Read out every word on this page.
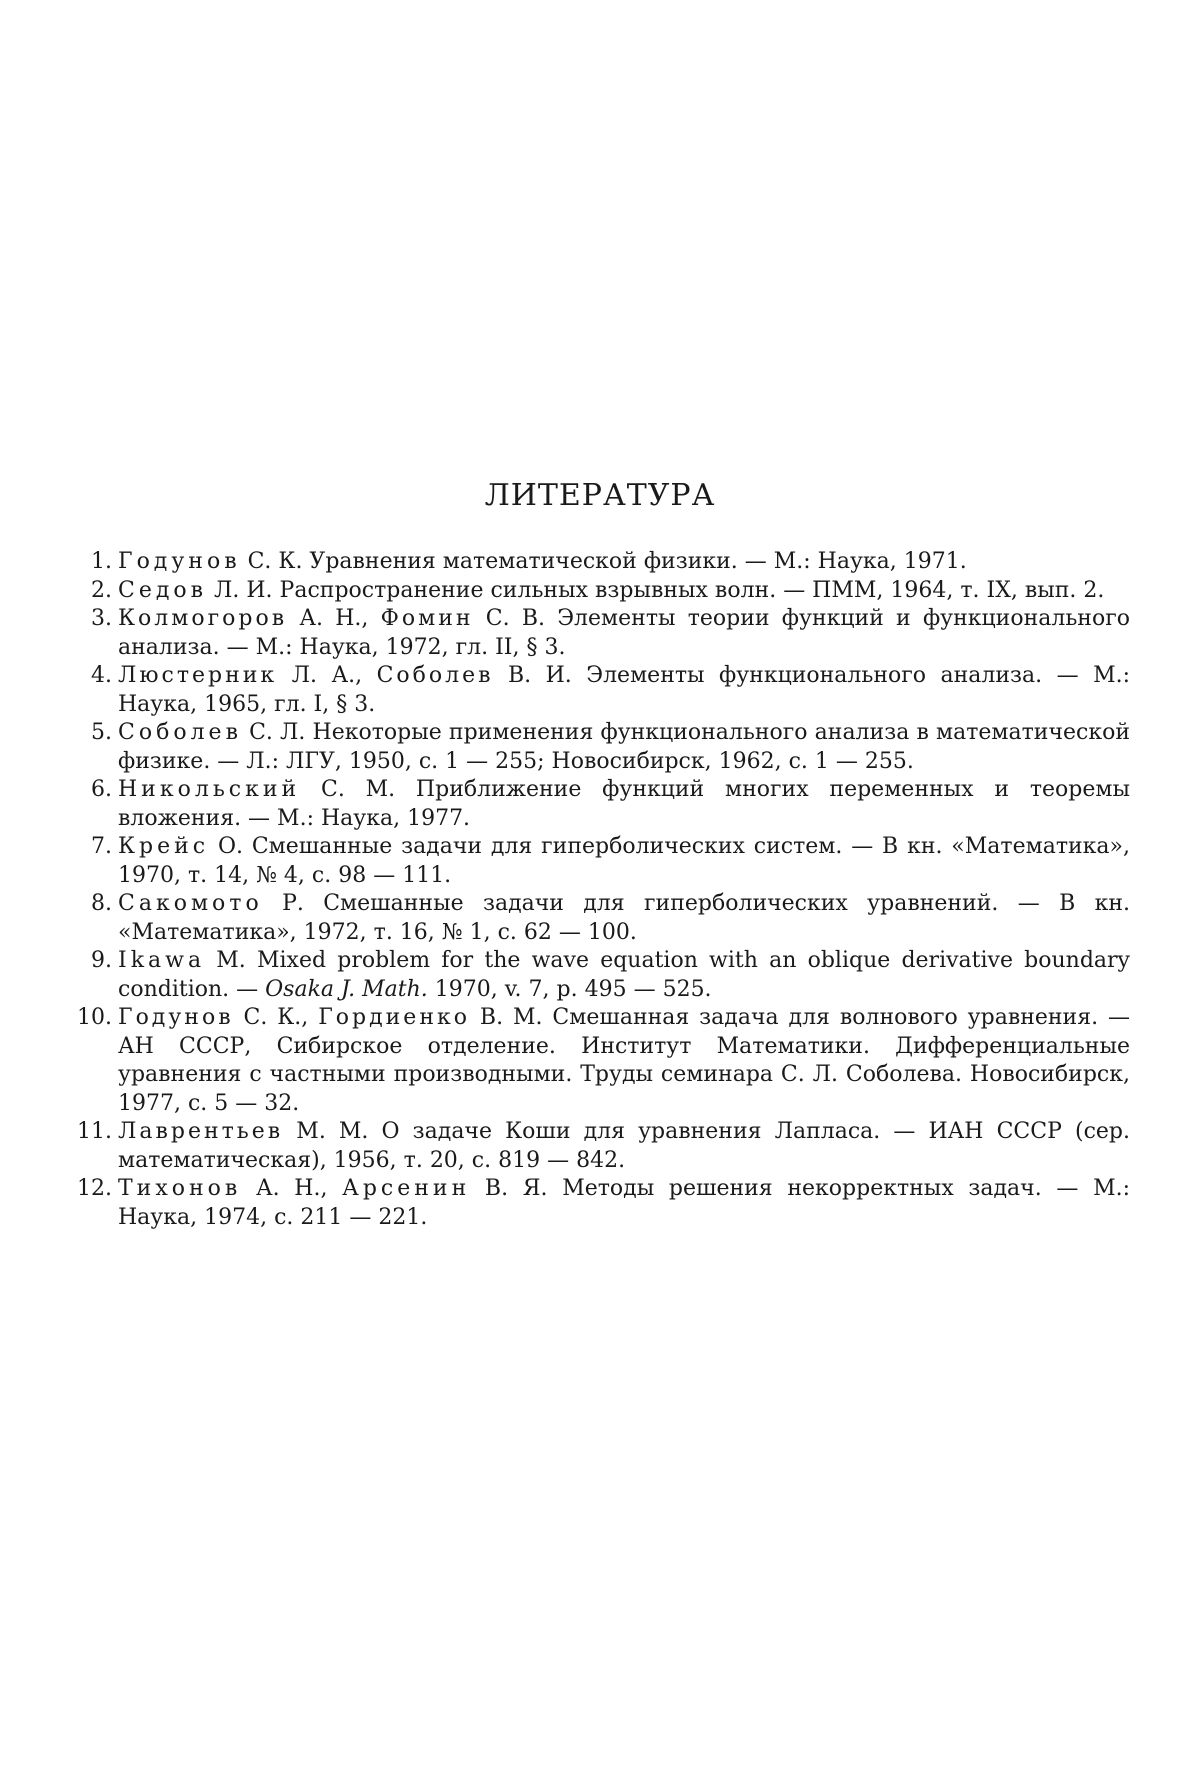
ЛИТЕРАТУРА
1. Годунов С. К. Уравнения математической физики. — М.: Наука, 1971.
2. Седов Л. И. Распространение сильных взрывных волн. — ПММ, 1964, т. IX, вып. 2.
3. Колмогоров А. Н., Фомин С. В. Элементы теории функций и функционального анализа. — М.: Наука, 1972, гл. II, § 3.
4. Люстерник Л. А., Соболев В. И. Элементы функционального анализа. — М.: Наука, 1965, гл. I, § 3.
5. Соболев С. Л. Некоторые применения функционального анализа в математической физике. — Л.: ЛГУ, 1950, с. 1 — 255; Новосибирск, 1962, с. 1 — 255.
6. Никольский С. М. Приближение функций многих переменных и теоремы вложения. — М.: Наука, 1977.
7. Крейс О. Смешанные задачи для гиперболических систем. — В кн. «Математика», 1970, т. 14, № 4, с. 98 — 111.
8. Сакомото Р. Смешанные задачи для гиперболических уравнений. — В кн. «Математика», 1972, т. 16, № 1, с. 62 — 100.
9. Ikawa M. Mixed problem for the wave equation with an oblique derivative boundary condition. — Osaka J. Math. 1970, v. 7, p. 495 — 525.
10. Годунов С. К., Гордиенко В. М. Смешанная задача для волнового уравнения. — АН СССР, Сибирское отделение. Институт Математики. Дифференциальные уравнения с частными производными. Труды семинара С. Л. Соболева. Новосибирск, 1977, с. 5 — 32.
11. Лаврентьев М. М. О задаче Коши для уравнения Лапласа. — ИАН СССР (сер. математическая), 1956, т. 20, с. 819 — 842.
12. Тихонов А. Н., Арсенин В. Я. Методы решения некорректных задач. — М.: Наука, 1974, с. 211 — 221.
